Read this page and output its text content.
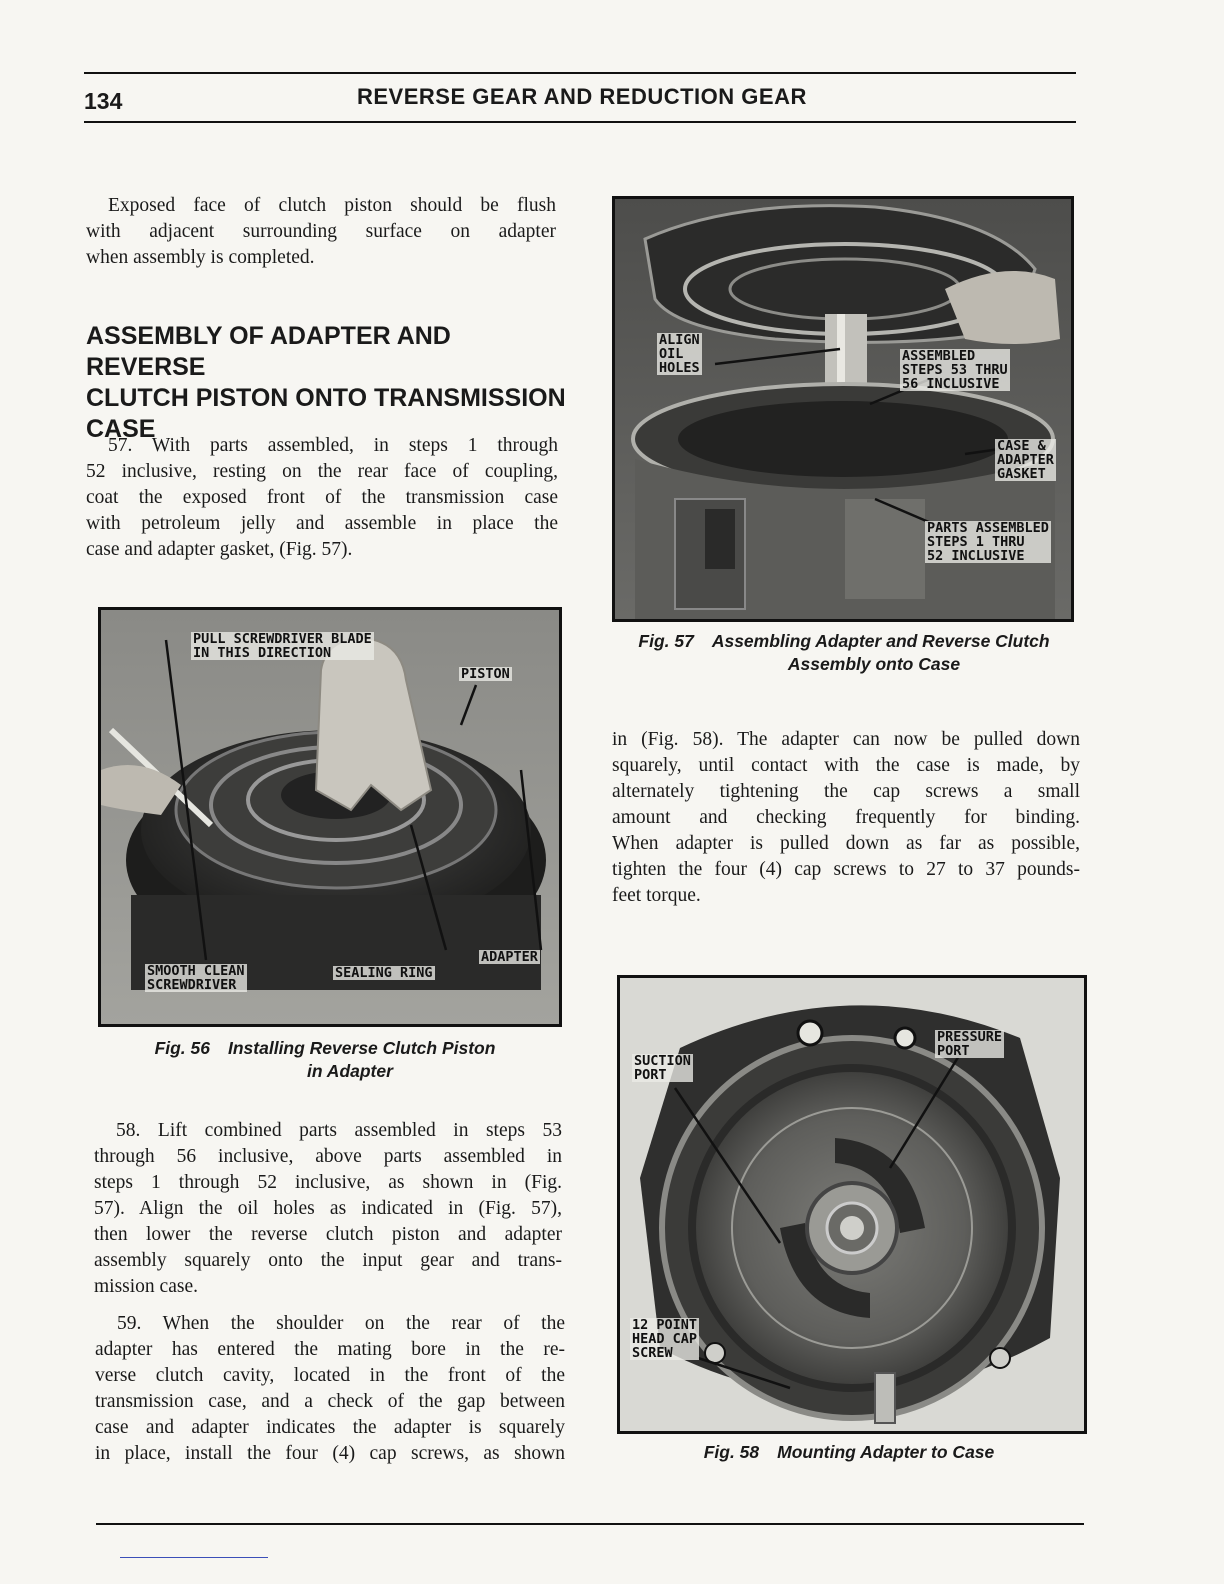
134	REVERSE GEAR AND REDUCTION GEAR
Exposed face of clutch piston should be flush
with adjacent surrounding surface on adapter
when assembly is completed.
ASSEMBLY OF ADAPTER AND REVERSE
CLUTCH PISTON ONTO TRANSMISSION
CASE
57. With parts assembled, in steps 1 through
52 inclusive, resting on the rear face of coupling,
coat the exposed front of the transmission case
with petroleum jelly and assemble in place the
case and adapter gasket, (Fig. 57).
PULL SCREWDRIVER BLADE
IN THIS DIRECTION
PISTON
SMOOTH CLEAN
SCREWDRIVER
SEALING RING
ADAPTER
Fig. 56 Installing Reverse Clutch Piston
in Adapter
58. Lift combined parts assembled in steps 53
through 56 inclusive, above parts assembled in
steps 1 through 52 inclusive, as shown in (Fig.
57). Align the oil holes as indicated in (Fig. 57),
then lower the reverse clutch piston and adapter
assembly squarely onto the input gear and trans-
mission case.
59. When the shoulder on the rear of the
adapter has entered the mating bore in the re-
verse clutch cavity, located in the front of the
transmission case, and a check of the gap between
case and adapter indicates the adapter is squarely
in place, install the four (4) cap screws, as shown
ALIGN
OIL
HOLES
ASSEMBLED
STEPS 53 THRU
56 INCLUSIVE
CASE &
ADAPTER
GASKET
PARTS ASSEMBLED
STEPS 1 THRU
52 INCLUSIVE
Fig. 57 Assembling Adapter and Reverse Clutch
Assembly onto Case
in (Fig. 58). The adapter can now be pulled down
squarely, until contact with the case is made, by
alternately tightening the cap screws a small
amount and checking frequently for binding.
When adapter is pulled down as far as possible,
tighten the four (4) cap screws to 27 to 37 pounds-
feet torque.
PRESSURE
PORT
SUCTION
PORT
12 POINT
HEAD CAP
SCREW
Fig. 58 Mounting Adapter to Case
